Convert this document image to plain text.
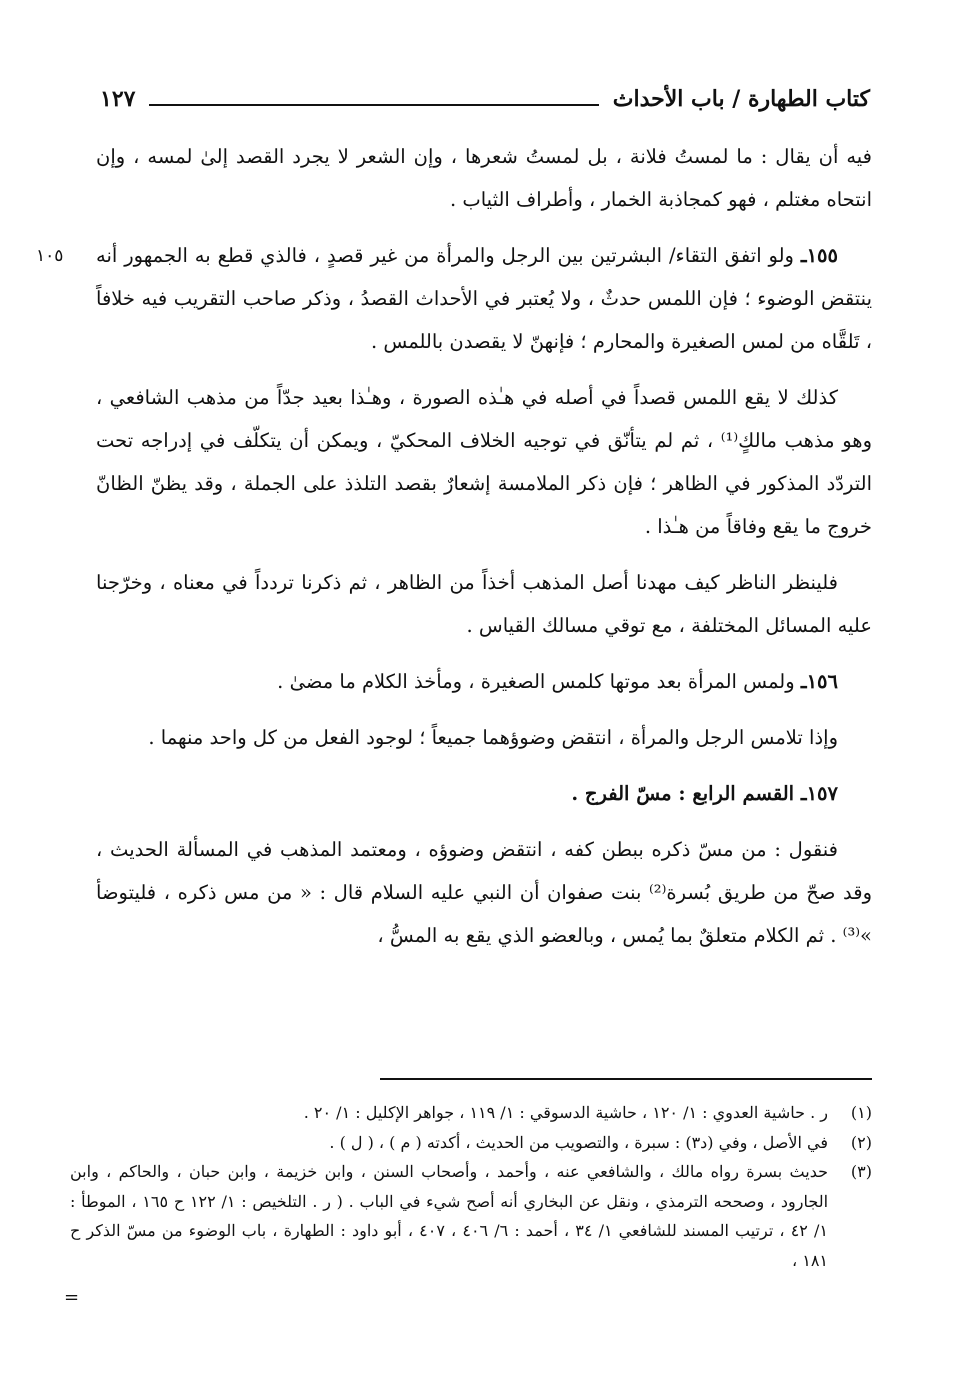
كتاب الطهارة / باب الأحداث
١٢٧
١٠٥

فيه أن يقال : ما لمستُ فلانة ، بل لمستُ شعرها ، وإن الشعر لا يجرد القصد إلىٰ لمسه ، وإن انتحاه مغتلم ، فهو كمجاذبة الخمار ، وأطراف الثياب .

١٥٥ـ ولو اتفق التقاء/ البشرتين بين الرجل والمرأة من غير قصدٍ ، فالذي قطع به الجمهور أنه ينتقض الوضوء ؛ فإن اللمس حدثٌ ، ولا يُعتبر في الأحداث القصدُ ، وذكر صاحب التقريب فيه خلافاً ، تَلقَّاه من لمس الصغيرة والمحارم ؛ فإنهنّ لا يقصدن باللمس .

كذلك لا يقع اللمس قصداً في أصله في هـٰذه الصورة ، وهـٰذا بعيد جدّاً من مذهب الشافعي ، وهو مذهب مالكٍ⁽¹⁾ ، ثم لم يتأنّق في توجيه الخلاف المحكيّ ، ويمكن أن يتكلّف في إدراجه تحت التردّد المذكور في الظاهر ؛ فإن ذكر الملامسة إشعارٌ بقصد التلذذ على الجملة ، وقد يظنّ الظانّ خروج ما يقع وفاقاً من هـٰذا .

فلينظر الناظر كيف مهدنا أصل المذهب أخذاً من الظاهر ، ثم ذكرنا تردداً في معناه ، وخرّجنا عليه المسائل المختلفة ، مع توقي مسالك القياس .

١٥٦ـ ولمس المرأة بعد موتها كلمس الصغيرة ، ومأخذ الكلام ما مضىٰ .

وإذا تلامس الرجل والمرأة ، انتقض وضوؤهما جميعاً ؛ لوجود الفعل من كل واحد منهما .

١٥٧ـ القسم الرابع : مسّ الفرج .

فنقول : من مسّ ذكره ببطن كفه ، انتقض وضوؤه ، ومعتمد المذهب في المسألة الحديث ، وقد صحّ من طريق بُسرة⁽²⁾ بنت صفوان أن النبي عليه السلام قال : « من مس ذكره ، فليتوضأ »⁽³⁾ . ثم الكلام متعلقٌ بما يُمس ، وبالعضو الذي يقع به المسُّ ،

(١)
ر . حاشية العدوي : ١/ ١٢٠ ، حاشية الدسوقي : ١/ ١١٩ ، جواهر الإكليل : ١/ ٢٠ .
(٢)
في الأصل ، وفي (د٣) : سبرة ، والتصويب من الحديث ، أكدته ( م ) ، ( ل ) .
(٣)
حديث بسرة رواه مالك ، والشافعي عنه ، وأحمد ، وأصحاب السنن ، وابن خزيمة ، وابن حبان ، والحاكم ، وابن الجارود ، وصححه الترمذي ، ونقل عن البخاري أنه أصح شيء في الباب . ( ر . التلخيص : ١/ ١٢٢ ح ١٦٥ ، الموطأ : ١/ ٤٢ ، ترتيب المسند للشافعي ١/ ٣٤ ، أحمد : ٦/ ٤٠٦ ، ٤٠٧ ، أبو داود : الطهارة ، باب الوضوء من مسّ الذكر ح ١٨١ ،
=
